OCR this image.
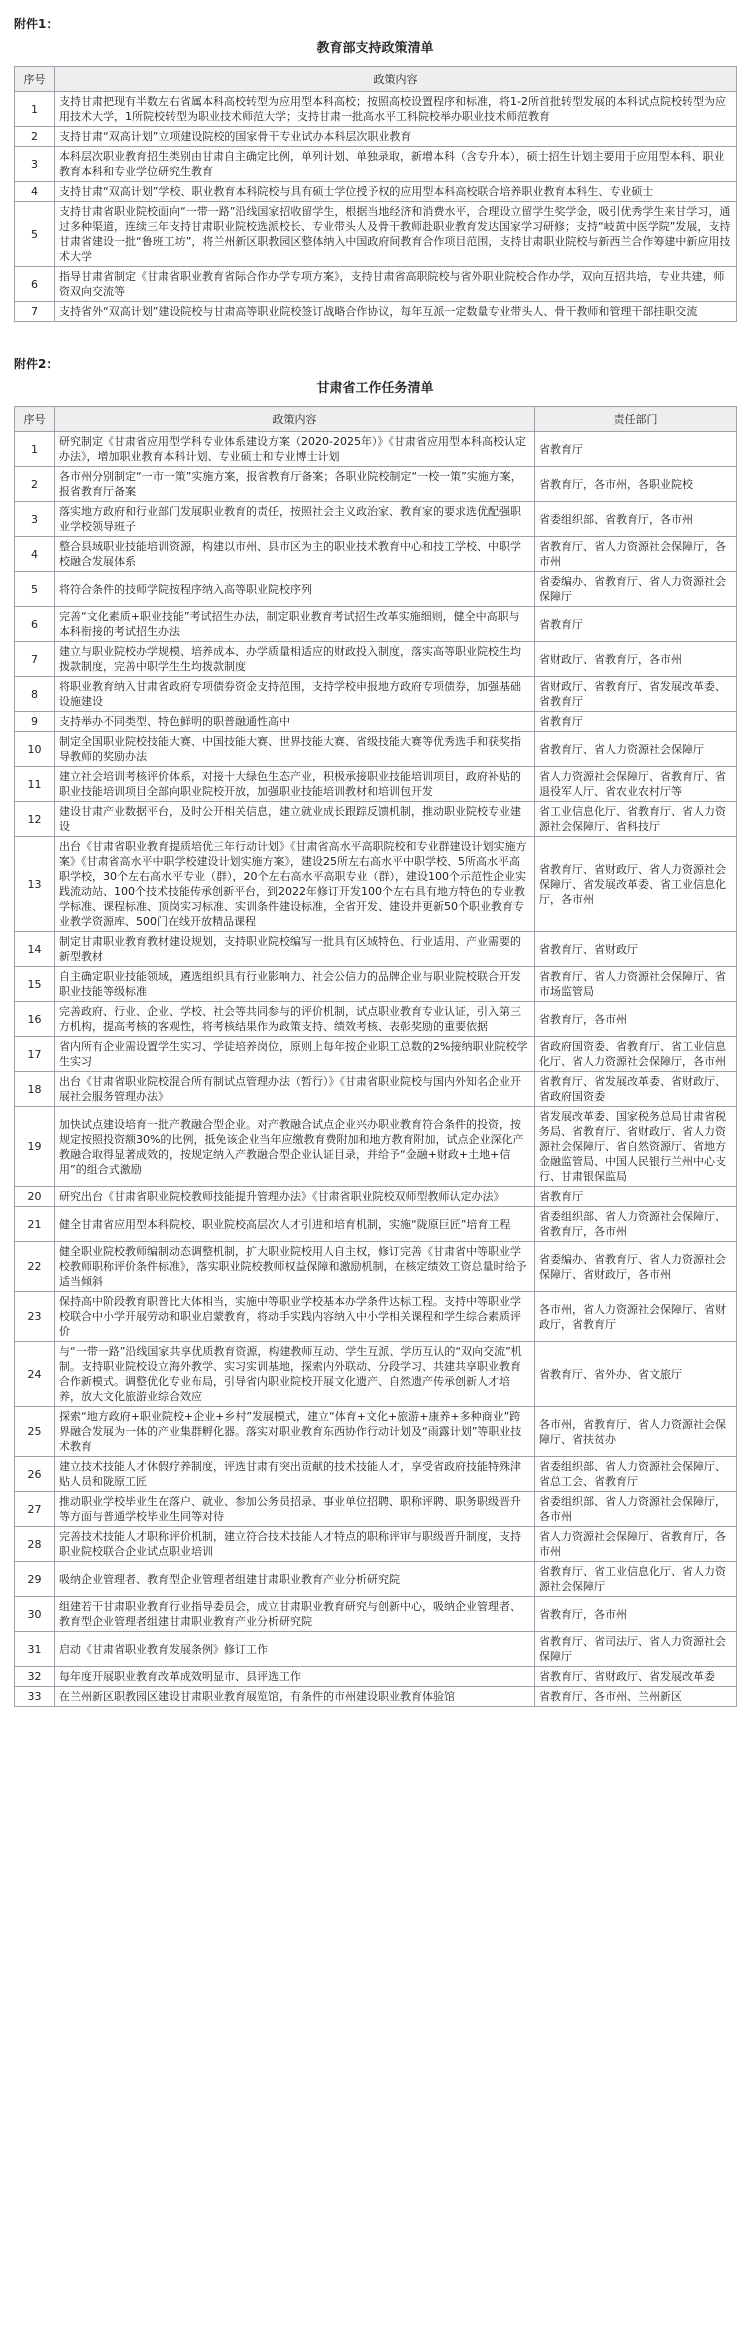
附件1：
教育部支持政策清单
序号	政策内容
1	支持甘肃把现有半数左右省属本科高校转型为应用型本科高校；按照高校设置程序和标准，将1-2所首批转型发展的本科试点院校转型为应用技术大学，1所院校转型为职业技术师范大学；支持甘肃一批高水平工科院校举办职业技术师范教育
2	支持甘肃“双高计划”立项建设院校的国家骨干专业试办本科层次职业教育
3	本科层次职业教育招生类别由甘肃自主确定比例，单列计划、单独录取，新增本科（含专升本），硕士招生计划主要用于应用型本科、职业教育本科和专业学位研究生教育
4	支持甘肃“双高计划”学校、职业教育本科院校与具有硕士学位授予权的应用型本科高校联合培养职业教育本科生、专业硕士
5	支持甘肃省职业院校面向“一带一路”沿线国家招收留学生，根据当地经济和消费水平，合理设立留学生奖学金，吸引优秀学生来甘学习，通过多种渠道，连续三年支持甘肃职业院校选派校长、专业带头人及骨干教师赴职业教育发达国家学习研修；支持“岐黄中医学院”发展，支持甘肃省建设一批“鲁班工坊”，将兰州新区职教园区整体纳入中国政府间教育合作项目范围，支持甘肃职业院校与新西兰合作筹建中新应用技术大学
6	指导甘肃省制定《甘肃省职业教育省际合作办学专项方案》，支持甘肃省高职院校与省外职业院校合作办学，双向互招共培，专业共建，师资双向交流等
7	支持省外“双高计划”建设院校与甘肃高等职业院校签订战略合作协议，每年互派一定数量专业带头人、骨干教师和管理干部挂职交流
附件2：
甘肃省工作任务清单
序号	政策内容	责任部门
1	研究制定《甘肃省应用型学科专业体系建设方案（2020-2025年）》《甘肃省应用型本科高校认定办法》，增加职业教育本科计划、专业硕士和专业博士计划	省教育厅
2	各市州分别制定“一市一策”实施方案，报省教育厅备案；各职业院校制定“一校一策”实施方案，报省教育厅备案	省教育厅，各市州，各职业院校
3	落实地方政府和行业部门发展职业教育的责任，按照社会主义政治家、教育家的要求选优配强职业学校领导班子	省委组织部、省教育厅，各市州
4	整合县域职业技能培训资源，构建以市州、县市区为主的职业技术教育中心和技工学校、中职学校融合发展体系	省教育厅、省人力资源社会保障厅，各市州
5	将符合条件的技师学院按程序纳入高等职业院校序列	省委编办、省教育厅、省人力资源社会保障厅
6	完善“文化素质+职业技能”考试招生办法，制定职业教育考试招生改革实施细则，健全中高职与本科衔接的考试招生办法	省教育厅
7	建立与职业院校办学规模、培养成本、办学质量相适应的财政投入制度，落实高等职业院校生均拨款制度，完善中职学生生均拨款制度	省财政厅、省教育厅，各市州
8	将职业教育纳入甘肃省政府专项债券资金支持范围，支持学校申报地方政府专项债券，加强基础设施建设	省财政厅、省教育厅、省发展改革委、省教育厅
9	支持举办不同类型、特色鲜明的职普融通性高中	省教育厅
10	制定全国职业院校技能大赛、中国技能大赛、世界技能大赛、省级技能大赛等优秀选手和获奖指导教师的奖励办法	省教育厅、省人力资源社会保障厅
11	建立社会培训考核评价体系，对接十大绿色生态产业，积极承接职业技能培训项目，政府补贴的职业技能培训项目全部向职业院校开放，加强职业技能培训教材和培训包开发	省人力资源社会保障厅、省教育厅、省退役军人厅、省农业农村厅等
12	建设甘肃产业数据平台，及时公开相关信息，建立就业成长跟踪反馈机制，推动职业院校专业建设	省工业信息化厅、省教育厅、省人力资源社会保障厅、省科技厅
13	出台《甘肃省职业教育提质培优三年行动计划》《甘肃省高水平高职院校和专业群建设计划实施方案》《甘肃省高水平中职学校建设计划实施方案》，建设25所左右高水平中职学校、5所高水平高职学校，30个左右高水平专业（群），20个左右高水平高职专业（群），建设100个示范性企业实践流动站、100个技术技能传承创新平台，到2022年修订开发100个左右具有地方特色的专业教学标准、课程标准、顶岗实习标准、实训条件建设标准，全省开发、建设并更新50个职业教育专业教学资源库、500门在线开放精品课程	省教育厅、省财政厅、省人力资源社会保障厅、省发展改革委、省工业信息化厅，各市州
14	制定甘肃职业教育教材建设规划，支持职业院校编写一批具有区域特色、行业适用、产业需要的新型教材	省教育厅、省财政厅
15	自主确定职业技能领域，遴选组织具有行业影响力、社会公信力的品牌企业与职业院校联合开发职业技能等级标准	省教育厅、省人力资源社会保障厅、省市场监管局
16	完善政府、行业、企业、学校、社会等共同参与的评价机制，试点职业教育专业认证，引入第三方机构，提高考核的客观性，将考核结果作为政策支持、绩效考核、表彰奖励的重要依据	省教育厅，各市州
17	省内所有企业需设置学生实习、学徒培养岗位，原则上每年按企业职工总数的2%接纳职业院校学生实习	省政府国资委、省教育厅、省工业信息化厅、省人力资源社会保障厅，各市州
18	出台《甘肃省职业院校混合所有制试点管理办法（暂行）》《甘肃省职业院校与国内外知名企业开展社会服务管理办法》	省教育厅、省发展改革委、省财政厅、省政府国资委
19	加快试点建设培育一批产教融合型企业。对产教融合试点企业兴办职业教育符合条件的投资，按规定按照投资额30%的比例，抵免该企业当年应缴教育费附加和地方教育附加，试点企业深化产教融合取得显著成效的，按规定纳入产教融合型企业认证目录，并给予“金融+财政+土地+信用”的组合式激励	省发展改革委、国家税务总局甘肃省税务局、省教育厅、省财政厅、省人力资源社会保障厅、省自然资源厅、省地方金融监管局、中国人民银行兰州中心支行、甘肃银保监局
20	研究出台《甘肃省职业院校教师技能提升管理办法》《甘肃省职业院校双师型教师认定办法》	省教育厅
21	健全甘肃省应用型本科院校、职业院校高层次人才引进和培育机制，实施“陇原巨匠”培育工程	省委组织部、省人力资源社会保障厅、省教育厅，各市州
22	健全职业院校教师编制动态调整机制，扩大职业院校用人自主权，修订完善《甘肃省中等职业学校教师职称评价条件标准》，落实职业院校教师权益保障和激励机制，在核定绩效工资总量时给予适当倾斜	省委编办、省教育厅、省人力资源社会保障厅、省财政厅，各市州
23	保持高中阶段教育职普比大体相当，实施中等职业学校基本办学条件达标工程。支持中等职业学校联合中小学开展劳动和职业启蒙教育，将动手实践内容纳入中小学相关课程和学生综合素质评价	各市州，省人力资源社会保障厅、省财政厅，省教育厅
24	与“一带一路”沿线国家共享优质教育资源，构建教师互动、学生互派、学历互认的“双向交流”机制。支持职业院校设立海外教学、实习实训基地，探索内外联动、分段学习、共建共享职业教育合作新模式。调整优化专业布局，引导省内职业院校开展文化遗产、自然遗产传承创新人才培养，放大文化旅游业综合效应	省教育厅、省外办、省文旅厅
25	探索“地方政府+职业院校+企业+乡村”发展模式，建立“体育+文化+旅游+康养+多种商业”跨界融合发展为一体的产业集群孵化器。落实对职业教育东西协作行动计划及“雨露计划”等职业技术教育	各市州，省教育厅、省人力资源社会保障厅、省扶贫办
26	建立技术技能人才休假疗养制度，评选甘肃有突出贡献的技术技能人才，享受省政府技能特殊津贴人员和陇原工匠	省委组织部、省人力资源社会保障厅、省总工会、省教育厅
27	推动职业学校毕业生在落户、就业、参加公务员招录、事业单位招聘、职称评聘、职务职级晋升等方面与普通学校毕业生同等对待	省委组织部、省人力资源社会保障厅，各市州
28	完善技术技能人才职称评价机制，建立符合技术技能人才特点的职称评审与职级晋升制度，支持职业院校联合企业试点职业培训	省人力资源社会保障厅、省教育厅，各市州
29	吸纳企业管理者、教育型企业管理者组建甘肃职业教育产业分析研究院	省教育厅、省工业信息化厅、省人力资源社会保障厅
30	组建若干甘肃职业教育行业指导委员会，成立甘肃职业教育研究与创新中心，吸纳企业管理者、教育型企业管理者组建甘肃职业教育产业分析研究院	省教育厅，各市州
31	启动《甘肃省职业教育发展条例》修订工作	省教育厅、省司法厅、省人力资源社会保障厅
32	每年度开展职业教育改革成效明显市、县评选工作	省教育厅、省财政厅、省发展改革委
33	在兰州新区职教园区建设甘肃职业教育展览馆，有条件的市州建设职业教育体验馆	省教育厅、各市州、兰州新区
